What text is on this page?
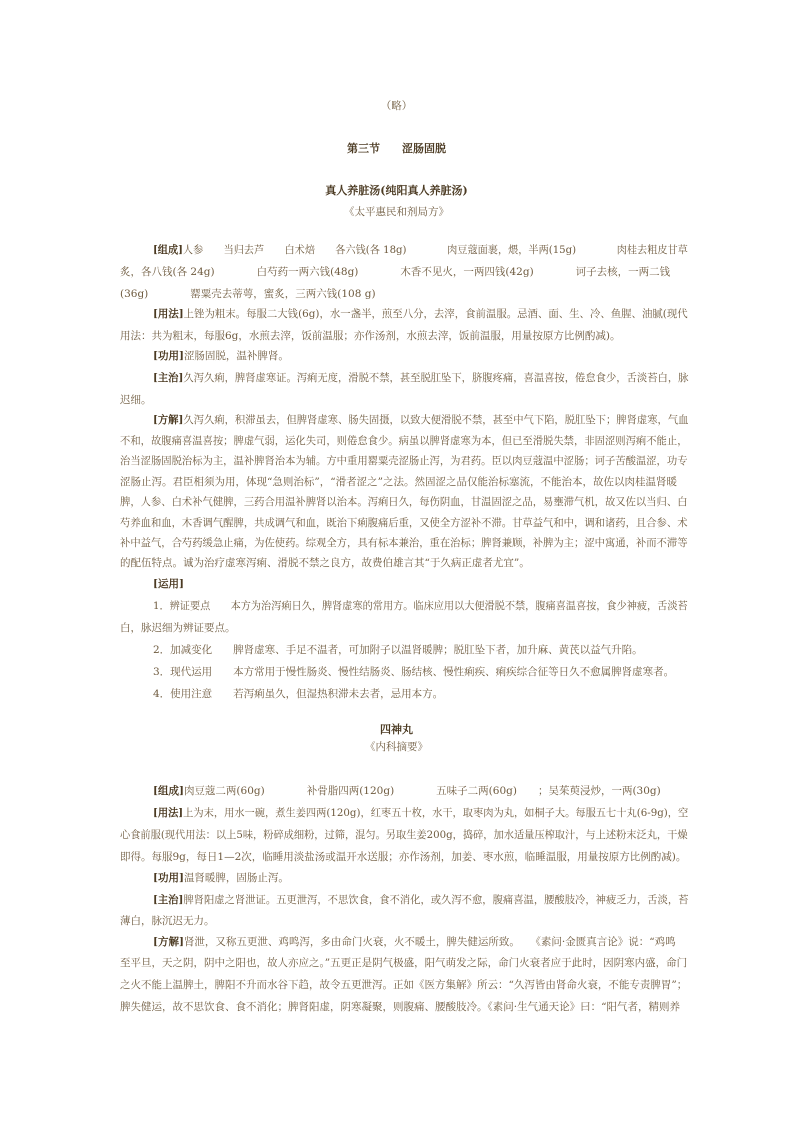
（略）
第三节　　涩肠固脱
真人养脏汤(纯阳真人养脏汤)
《太平惠民和剂局方》
[组成]人参　　当归去芦　　白术焙　　各六钱(各 18g)　　　　肉豆蔻面裹，煨，半两(15g)　　　　肉桂去粗皮甘草
炙，各八钱(各 24g)　　　　白芍药一两六钱(48g)　　　　木香不见火，一两四钱(42g)　　　　诃子去核，一两二钱
(36g)　　　　罂粟壳去蒂萼，蜜炙，三两六钱(108 g)
[用法]上锉为粗末。每服二大钱(6g)，水一盏半，煎至八分，去滓，食前温服。忌酒、面、生、冷、鱼腥、油腻(现代
用法：共为粗末，每服6g，水煎去滓，饭前温服；亦作汤剂，水煎去滓，饭前温服，用量按原方比例酌减)。
[功用]涩肠固脱，温补脾肾。
[主治]久泻久痢，脾肾虚寒证。泻痢无度，滑脱不禁，甚至脱肛坠下，脐腹疼痛，喜温喜按，倦怠食少，舌淡苔白，脉
迟细。
[方解]久泻久痢，积滞虽去，但脾肾虚寒、肠失固摄，以致大便滑脱不禁，甚至中气下陷，脱肛坠下；脾肾虚寒，气血
不和，故腹痛喜温喜按；脾虚气弱，运化失司，则倦怠食少。病虽以脾肾虚寒为本，但已至滑脱失禁，非固涩则泻痢不能止，
治当涩肠固脱治标为主，温补脾肾治本为辅。方中重用罂粟壳涩肠止泻，为君药。臣以肉豆蔻温中涩肠；诃子苦酸温涩，功专
涩肠止泻。君臣相须为用，体现“急则治标”，“滑者涩之”之法。然固涩之品仅能治标塞流，不能治本，故佐以肉桂温肾暖
脾，人参、白术补气健脾，三药合用温补脾肾以治本。泻痢日久，每伤阴血，甘温固涩之品，易壅滞气机，故又佐以当归、白
芍养血和血，木香调气醒脾，共成调气和血，既治下痢腹痛后重，又使全方涩补不滞。甘草益气和中，调和诸药，且合参、术
补中益气，合芍药缓急止痛，为佐使药。综观全方，具有标本兼治，重在治标；脾肾兼顾，补脾为主；涩中寓通，补而不滞等
的配伍特点。诚为治疗虚寒泻痢、滑脱不禁之良方，故费伯雄言其“于久病正虚者尤宜”。
[运用]
1．辨证要点　　本方为治泻痢日久，脾肾虚寒的常用方。临床应用以大便滑脱不禁，腹痛喜温喜按，食少神疲，舌淡苔
白，脉迟细为辨证要点。
2．加减变化　　脾肾虚寒、手足不温者，可加附子以温肾暖脾；脱肛坠下者，加升麻、黄芪以益气升陷。
3．现代运用　　本方常用于慢性肠炎、慢性结肠炎、肠结核、慢性痢疾、痢疾综合征等日久不愈属脾肾虚寒者。
4．使用注意　　若泻痢虽久，但湿热积滞未去者，忌用本方。
四神丸
《内科摘要》
[组成]肉豆蔻二两(60g)　　　　补骨脂四两(120g)　　　　五味子二两(60g)　　；吴茱萸浸炒，一两(30g)
[用法]上为末，用水一碗，煮生姜四两(120g)，红枣五十枚，水干，取枣肉为丸，如桐子大。每服五七十丸(6-9g)，空
心食前服(现代用法：以上5味，粉碎成细粉，过筛，混匀。另取生姜200g，捣碎，加水适量压榨取汁，与上述粉末泛丸，干燥
即得。每服9g，每日1—2次，临睡用淡盐汤或温开水送服；亦作汤剂，加姜、枣水煎，临睡温服，用量按原方比例酌减)。
[功用]温肾暖脾，固肠止泻。
[主治]脾肾阳虚之肾泄证。五更泄泻，不思饮食，食不消化，或久泻不愈，腹痛喜温，腰酸肢冷，神疲乏力，舌淡，苔
薄白，脉沉迟无力。
[方解]肾泄，又称五更泄、鸡鸣泻，多由命门火衰，火不暖土，脾失健运所致。　　《素问·金匮真言论》说：“鸡鸣
至平旦，天之阴，阴中之阳也，故人亦应之。”五更正是阴气极盛，阳气萌发之际，命门火衰者应于此时，因阴寒内盛，命门
之火不能上温脾土，脾阳不升而水谷下趋，故令五更泄泻。正如《医方集解》所云：“久泻皆由肾命火衰，不能专责脾胃”；
脾失健运，故不思饮食、食不消化；脾肾阳虚，阴寒凝聚，则腹痛、腰酸肢冷。《素问·生气通天论》曰：“阳气者，精则养
